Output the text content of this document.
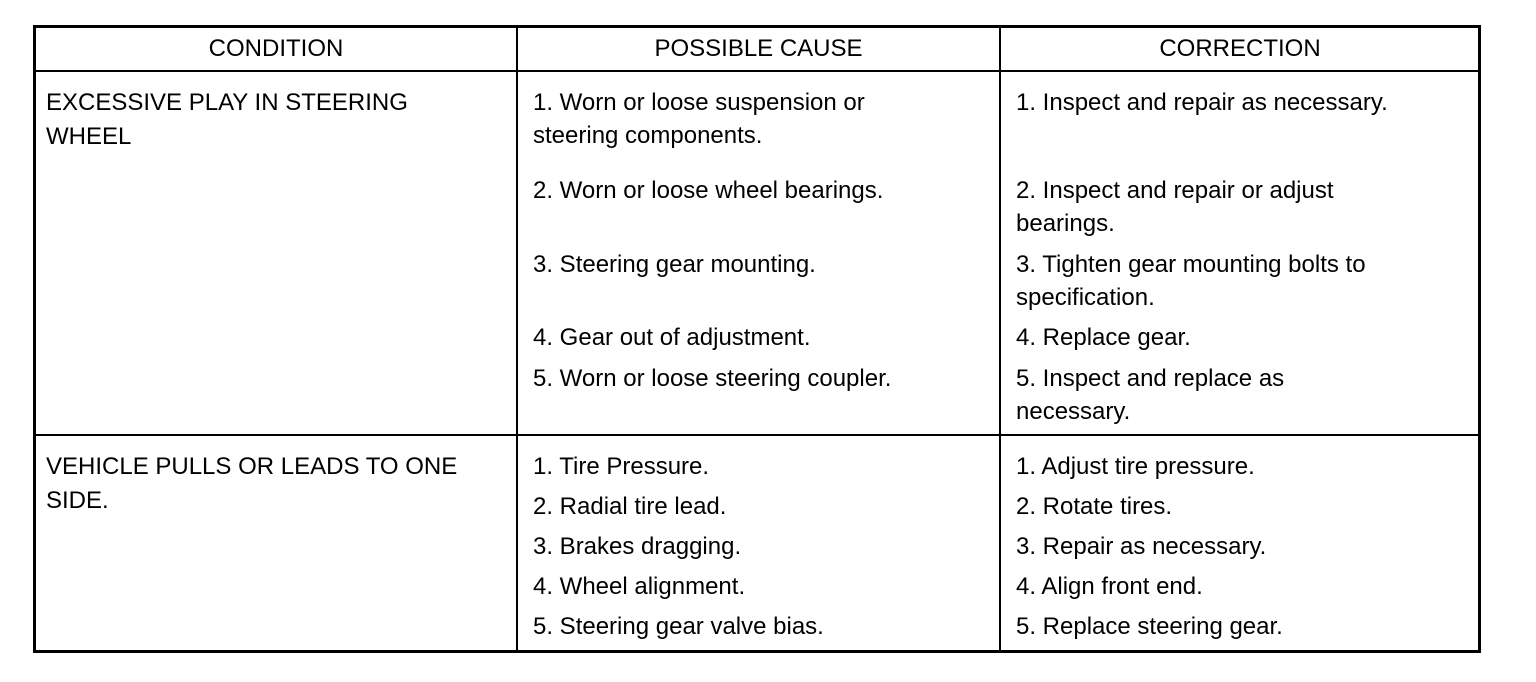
CONDITION	POSSIBLE CAUSE	CORRECTION
EXCESSIVE PLAY IN STEERING WHEEL
1. Worn or loose suspension or
steering components.
2. Worn or loose wheel bearings.
3. Steering gear mounting.
4. Gear out of adjustment.
5. Worn or loose steering coupler.
1. Inspect and repair as necessary.
2. Inspect and repair or adjust
bearings.
3. Tighten gear mounting bolts to
specification.
4. Replace gear.
5. Inspect and replace as
necessary.
VEHICLE PULLS OR LEADS TO ONE SIDE.
1. Tire Pressure.
2. Radial tire lead.
3. Brakes dragging.
4. Wheel alignment.
5. Steering gear valve bias.
1. Adjust tire pressure.
2. Rotate tires.
3. Repair as necessary.
4. Align front end.
5. Replace steering gear.
